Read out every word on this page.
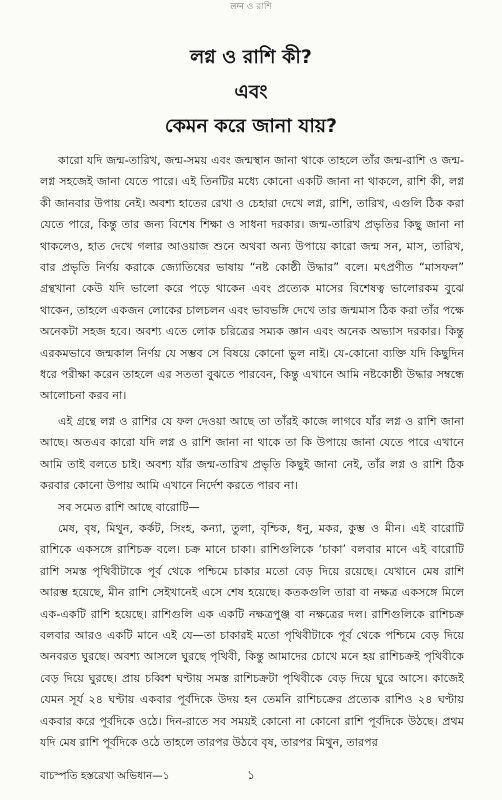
लग्न ও রাশি
লগ্ন ও রাশি কী?
এবং
কেমন করে জানা যায়?

কারো যদি জন্ম-তারিখ, জন্ম-সময় এবং জন্মস্থান জানা থাকে তাহলে তাঁর জন্ম-রাশি ও জন্ম-লগ্ন সহজেই জানা যেতে পারে। এই তিনটির মধ্যে কোনো একটি জানা না থাকলে, রাশি কী, লগ্ন কী জানবার উপায় নেই। অবশ্য হাতের রেখা ও চেহারা দেখে লগ্ন, রাশি, তারিখ, এগুলি ঠিক করা যেতে পারে, কিন্তু তার জন্য বিশেষ শিক্ষা ও সাধনা দরকার। জন্ম-তারিখ প্রভৃতির কিছু জানা না থাকলেও, হাত দেখে গলার আওয়াজ শুনে অথবা অন্য উপায়ে কারো জন্ম সন, মাস, তারিখ, বার প্রভৃতি নির্ণয় করাকে জ্যোতিষের ভাষায় “নষ্ট কোষ্ঠী উদ্ধার” বলে। মৎপ্রণীত “মাসফল” গ্রন্থখানা কেউ যদি ভালো করে পড়ে থাকেন এবং প্রত্যেক মাসের বিশেষত্ব ভালোরকম বুঝে থাকেন, তাহলে একজন লোকের চালচলন এবং ভাবভঙ্গি দেখে তার জন্মমাস ঠিক করা তাঁর পক্ষে অনেকটা সহজ হবে। অবশ্য এতে লোক চরিত্রের সম্যক জ্ঞান এবং অনেক অভ্যাস দরকার। কিন্তু এরকমভাবে জন্মকাল নির্ণয় যে সম্ভব সে বিষয়ে কোনো ভুল নাই। যে-কোনো ব্যক্তি যদি কিছুদিন ধরে পরীক্ষা করেন তাহলে এর সততা বুঝতে পারবেন, কিন্তু এখানে আমি নষ্টকোষ্ঠী উদ্ধার সম্বন্ধে আলোচনা করব না।

এই গ্রন্থে লগ্ন ও রাশির যে ফল দেওয়া আছে তা তাঁরই কাজে লাগবে যাঁর লগ্ন ও রাশি জানা আছে। অতএব কারো যদি লগ্ন ও রাশি জানা না থাকে তা কি উপায়ে জানা যেতে পারে এখানে আমি তাই বলতে চাই। অবশ্য যাঁর জন্ম-তারিখ প্রভৃতি কিছুই জানা নেই, তাঁর লগ্ন ও রাশি ঠিক করবার কোনো উপায় আমি এখানে নির্দেশ করতে পারব না।

সব সমেত রাশি আছে বারোটি—

মেষ, বৃষ, মিথুন, কর্কট, সিংহ, কন্যা, তুলা, বৃশ্চিক, ধনু, মকর, কুম্ভ ও মীন। এই বারোটি রাশিকে একসঙ্গে রাশিচক্র বলে। চক্র মানে চাকা। রাশিগুলিকে ‘চাকা’ বলবার মানে এই বারোটি রাশি সমস্ত পৃথিবীটাকে পূর্ব থেকে পশ্চিমে চাকার মতো বেড় দিয়ে রয়েছে। যেখানে মেষ রাশি আরম্ভ হয়েছে, মীন রাশি সেইখানেই এসে শেষ হয়েছে। কতকগুলি তারা বা নক্ষত্র একসঙ্গে মিলে এক-একটি রাশি হয়েছে। রাশিগুলি এক একটি নক্ষত্রপুঞ্জ বা নক্ষত্রের দল। রাশিগুলিকে রাশিচক্র বলবার আরও একটি মানে এই যে—তা চাকারই মতো পৃথিবীটাকে পূর্ব থেকে পশ্চিমে বেড় দিয়ে অনবরত ঘুরছে। অবশ্য আসলে ঘুরছে পৃথিবী, কিন্তু আমাদের চোখে মনে হয় রাশিচক্রই পৃথিবীকে বেড় দিয়ে ঘুরছে। প্রায় চব্বিশ ঘণ্টায় সমস্ত রাশিচক্রটা পৃথিবীকে বেড় দিয়ে ঘুরে আসে। কাজেই যেমন সূর্য ২৪ ঘণ্টায় একবার পূর্বদিকে উদয় হন তেমনি রাশিচক্রের প্রত্যেক রাশিও ২৪ ঘণ্টায় একবার করে পূর্বদিকে ওঠে। দিন-রাতে সব সময়ই কোনো না কোনো রাশি পূর্বদিকে উঠছে। প্রথম যদি মেষ রাশি পূর্বদিকে ওঠে তাহলে তারপর উঠবে বৃষ, তারপর মিথুন, তারপর

বাচস্পতি হস্তরেখা অভিধান—১	১
